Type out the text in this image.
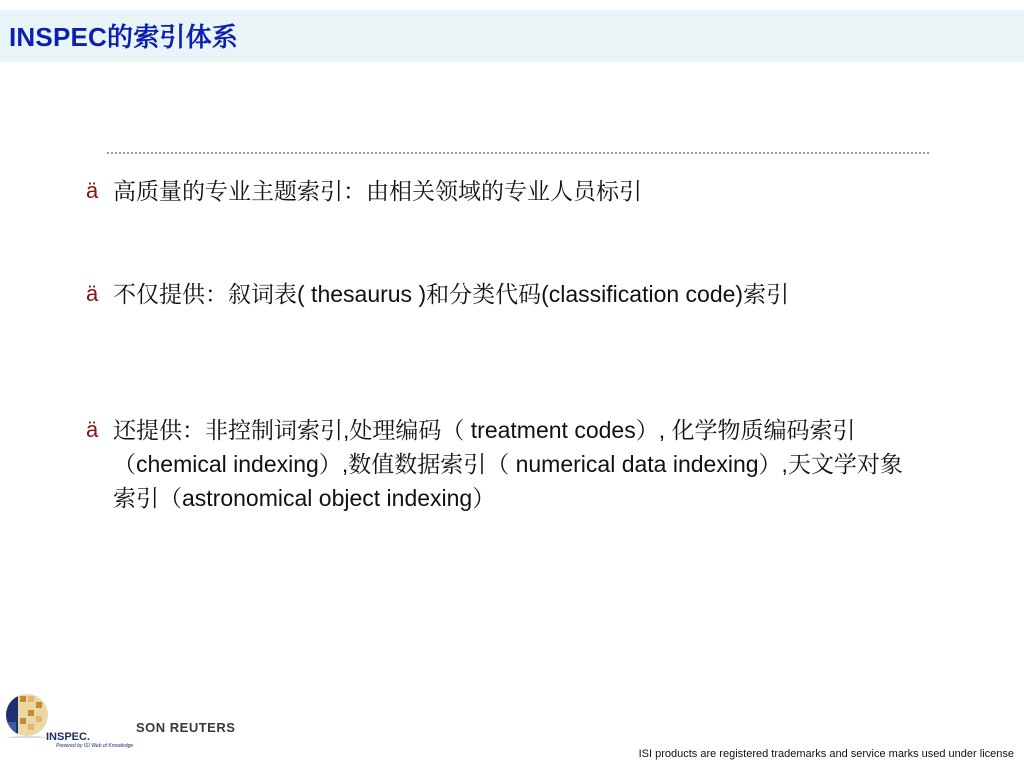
INSPEC的索引体系
ä 高质量的专业主题索引：由相关领域的专业人员标引
ä 不仅提供：叙词表( thesaurus )和分类代码(classification code)索引
ä 还提供：非控制词索引,处理编码（ treatment codes）, 化学物质编码索引（chemical indexing）,数值数据索引（ numerical data indexing）,天文学对象索引（astronomical object indexing）
INSPEC.
Powered by ISI Web of Knowledge
SON REUTERS
ISI products are registered trademarks and service marks used under license
